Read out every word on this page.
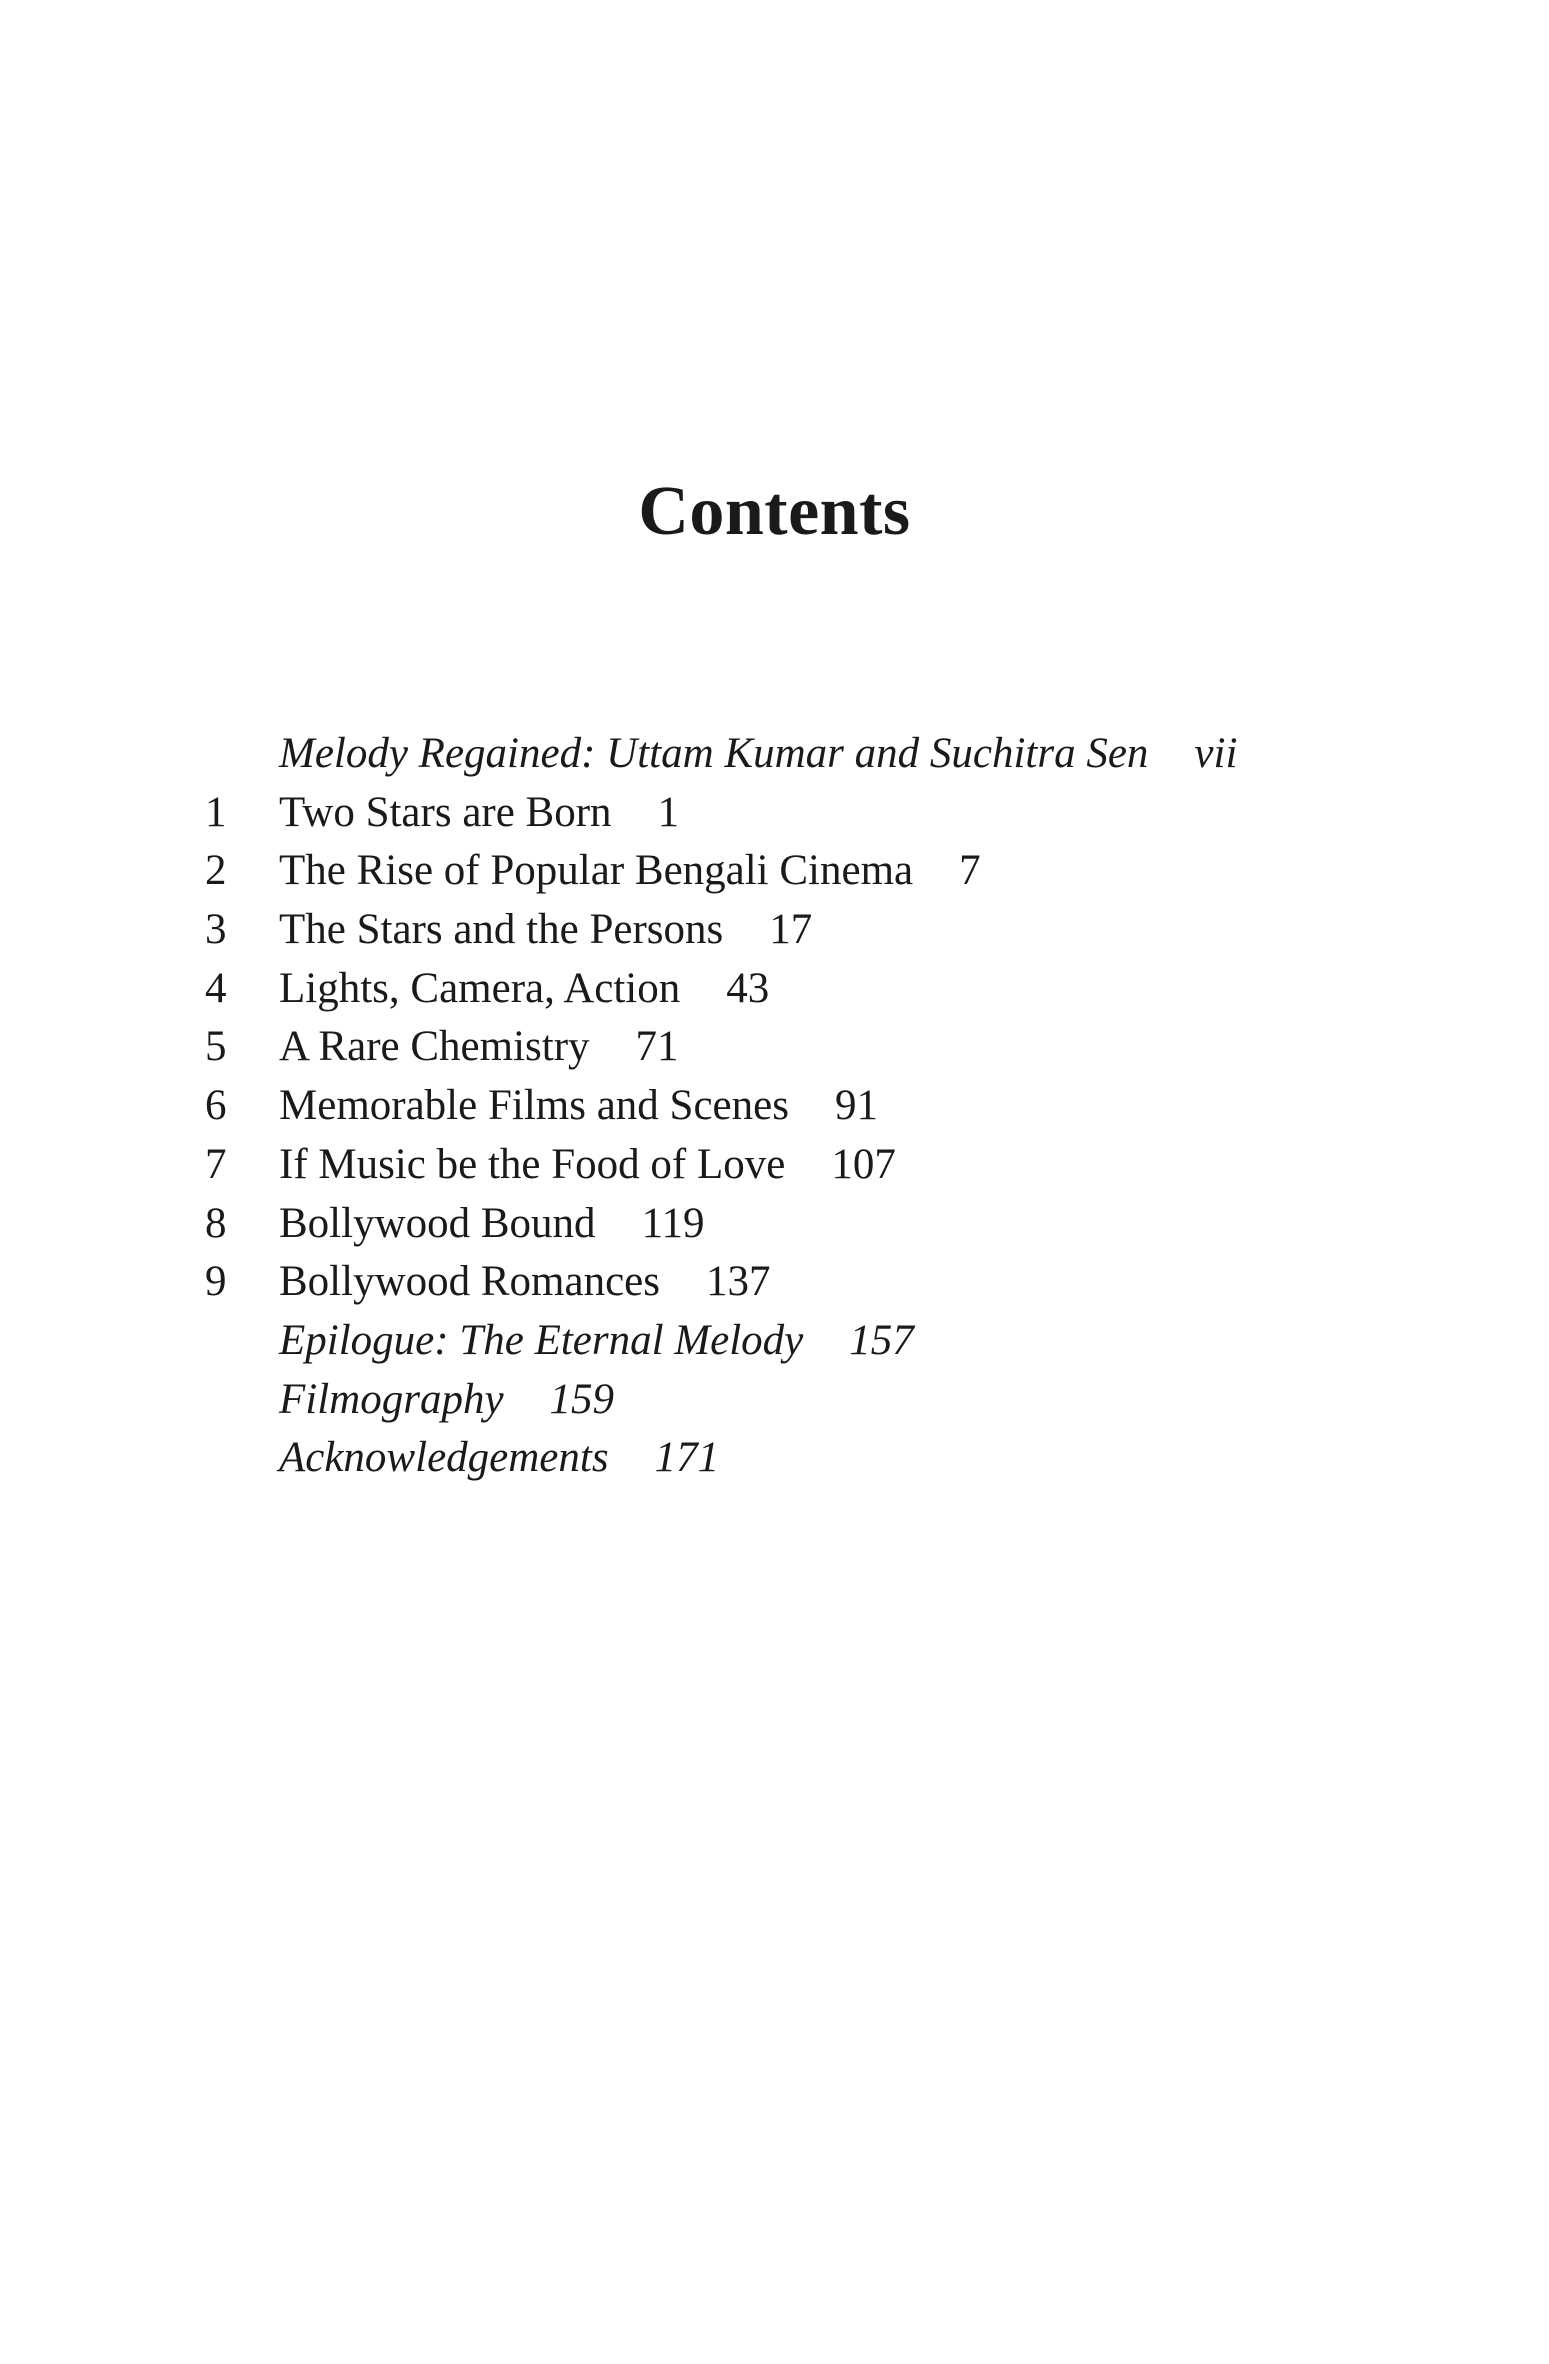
Contents
Melody Regained: Uttam Kumar and Suchitra Sen vii
1	Two Stars are Born 1
2	The Rise of Popular Bengali Cinema 7
3	The Stars and the Persons 17
4	Lights, Camera, Action 43
5	A Rare Chemistry 71
6	Memorable Films and Scenes 91
7	If Music be the Food of Love 107
8	Bollywood Bound 119
9	Bollywood Romances 137
Epilogue: The Eternal Melody 157
Filmography 159
Acknowledgements 171
